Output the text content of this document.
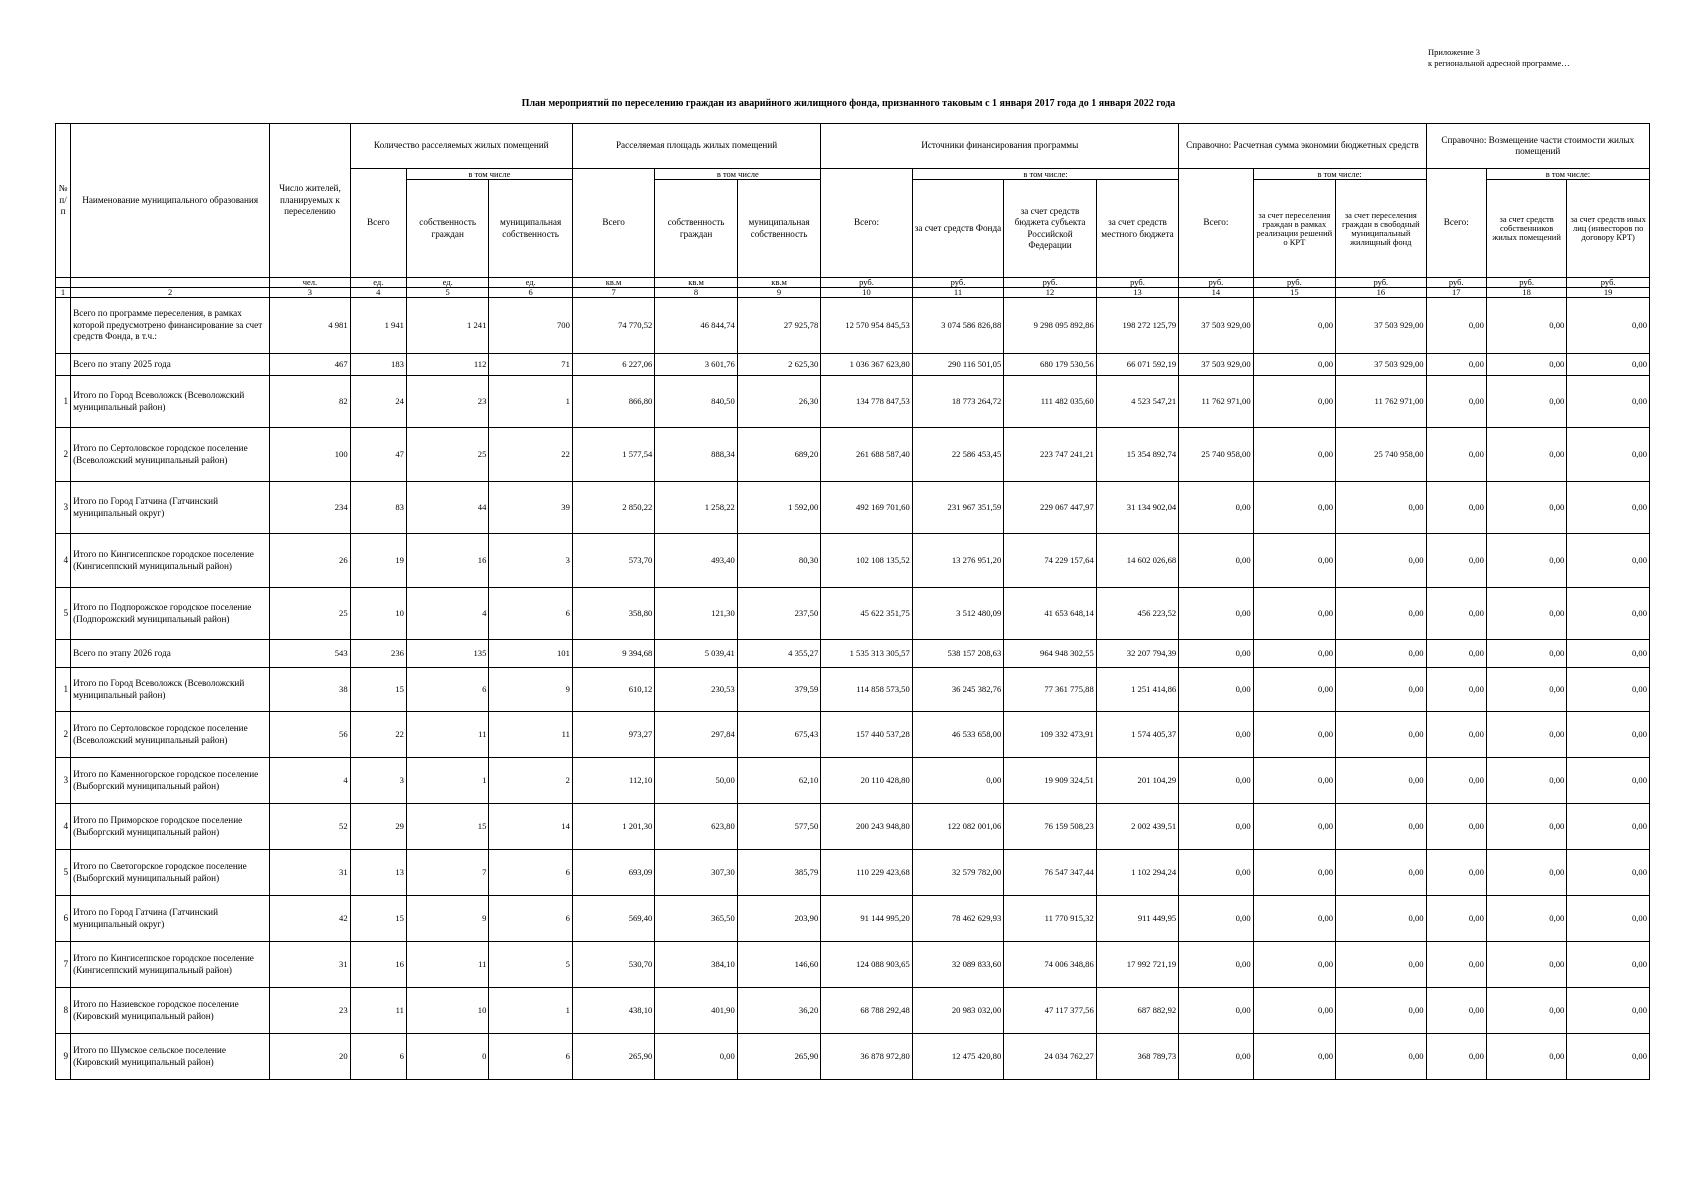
Приложение 3
к региональной адресной программе…
План мероприятий по переселению граждан из аварийного жилищного фонда, признанного таковым с 1 января 2017 года до 1 января 2022 года
№ п/п	Наименование муниципального образования	Число жителей, планируемых к переселению	Количество расселяемых жилых помещений			Расселяемая площадь жилых помещений			Источники финансирования программы				Справочно: Расчетная сумма экономии бюджетных средств			Справочно: Возмещение части стоимости жилых помещений		
			Всего	в том числе		Всего	в том числе		Всего:	в том числе:			Всего:	в том числе:		Всего:	в том числе:	
				собственность граждан	муниципальная собственность		собственность граждан	муниципальная собственность		за счет средств Фонда	за счет средств бюджета субъекта Российской Федерации	за счет средств местного бюджета		за счет переселения граждан в рамках реализации решений о КРТ	за счет переселения граждан в свободный муниципальный жилищный фонд		за счет средств собственников жилых помещений	за счет средств иных лиц (инвесторов по договору КРТ)
		чел.	ед.	ед.	ед.	кв.м	кв.м	кв.м	руб.	руб.	руб.	руб.	руб.	руб.	руб.	руб.	руб.	руб.
1	2	3	4	5	6	7	8	9	10	11	12	13	14	15	16	17	18	19
	Всего по программе переселения, в рамках которой предусмотрено финансирование за счет средств Фонда, в т.ч.:	4 981	1 941	1 241	700	74 770,52	46 844,74	27 925,78	12 570 954 845,53	3 074 586 826,88	9 298 095 892,86	198 272 125,79	37 503 929,00	0,00	37 503 929,00	0,00	0,00	0,00
	Всего по этапу 2025 года	467	183	112	71	6 227,06	3 601,76	2 625,30	1 036 367 623,80	290 116 501,05	680 179 530,56	66 071 592,19	37 503 929,00	0,00	37 503 929,00	0,00	0,00	0,00
1	Итого по Город Всеволожск (Всеволожский муниципальный район)	82	24	23	1	866,80	840,50	26,30	134 778 847,53	18 773 264,72	111 482 035,60	4 523 547,21	11 762 971,00	0,00	11 762 971,00	0,00	0,00	0,00
2	Итого по Сертоловское городское поселение (Всеволожский муниципальный район)	100	47	25	22	1 577,54	888,34	689,20	261 688 587,40	22 586 453,45	223 747 241,21	15 354 892,74	25 740 958,00	0,00	25 740 958,00	0,00	0,00	0,00
3	Итого по Город Гатчина (Гатчинский муниципальный округ)	234	83	44	39	2 850,22	1 258,22	1 592,00	492 169 701,60	231 967 351,59	229 067 447,97	31 134 902,04	0,00	0,00	0,00	0,00	0,00	0,00
4	Итого по Кингисеппское городское поселение (Кингисеппский муниципальный район)	26	19	16	3	573,70	493,40	80,30	102 108 135,52	13 276 951,20	74 229 157,64	14 602 026,68	0,00	0,00	0,00	0,00	0,00	0,00
5	Итого по Подпорожское городское поселение (Подпорожский муниципальный район)	25	10	4	6	358,80	121,30	237,50	45 622 351,75	3 512 480,09	41 653 648,14	456 223,52	0,00	0,00	0,00	0,00	0,00	0,00
	Всего по этапу 2026 года	543	236	135	101	9 394,68	5 039,41	4 355,27	1 535 313 305,57	538 157 208,63	964 948 302,55	32 207 794,39	0,00	0,00	0,00	0,00	0,00	0,00
1	Итого по Город Всеволожск (Всеволожский муниципальный район)	38	15	6	9	610,12	230,53	379,59	114 858 573,50	36 245 382,76	77 361 775,88	1 251 414,86	0,00	0,00	0,00	0,00	0,00	0,00
2	Итого по Сертоловское городское поселение (Всеволожский муниципальный район)	56	22	11	11	973,27	297,84	675,43	157 440 537,28	46 533 658,00	109 332 473,91	1 574 405,37	0,00	0,00	0,00	0,00	0,00	0,00
3	Итого по Каменногорское городское поселение (Выборгский муниципальный район)	4	3	1	2	112,10	50,00	62,10	20 110 428,80	0,00	19 909 324,51	201 104,29	0,00	0,00	0,00	0,00	0,00	0,00
4	Итого по Приморское городское поселение (Выборгский муниципальный район)	52	29	15	14	1 201,30	623,80	577,50	200 243 948,80	122 082 001,06	76 159 508,23	2 002 439,51	0,00	0,00	0,00	0,00	0,00	0,00
5	Итого по Светогорское городское поселение (Выборгский муниципальный район)	31	13	7	6	693,09	307,30	385,79	110 229 423,68	32 579 782,00	76 547 347,44	1 102 294,24	0,00	0,00	0,00	0,00	0,00	0,00
6	Итого по Город Гатчина (Гатчинский муниципальный округ)	42	15	9	6	569,40	365,50	203,90	91 144 995,20	78 462 629,93	11 770 915,32	911 449,95	0,00	0,00	0,00	0,00	0,00	0,00
7	Итого по Кингисеппское городское поселение (Кингисеппский муниципальный район)	31	16	11	5	530,70	384,10	146,60	124 088 903,65	32 089 833,60	74 006 348,86	17 992 721,19	0,00	0,00	0,00	0,00	0,00	0,00
8	Итого по Назиевское городское поселение (Кировский муниципальный район)	23	11	10	1	438,10	401,90	36,20	68 788 292,48	20 983 032,00	47 117 377,56	687 882,92	0,00	0,00	0,00	0,00	0,00	0,00
9	Итого по Шумское сельское поселение (Кировский муниципальный район)	20	6	0	6	265,90	0,00	265,90	36 878 972,80	12 475 420,80	24 034 762,27	368 789,73	0,00	0,00	0,00	0,00	0,00	0,00
